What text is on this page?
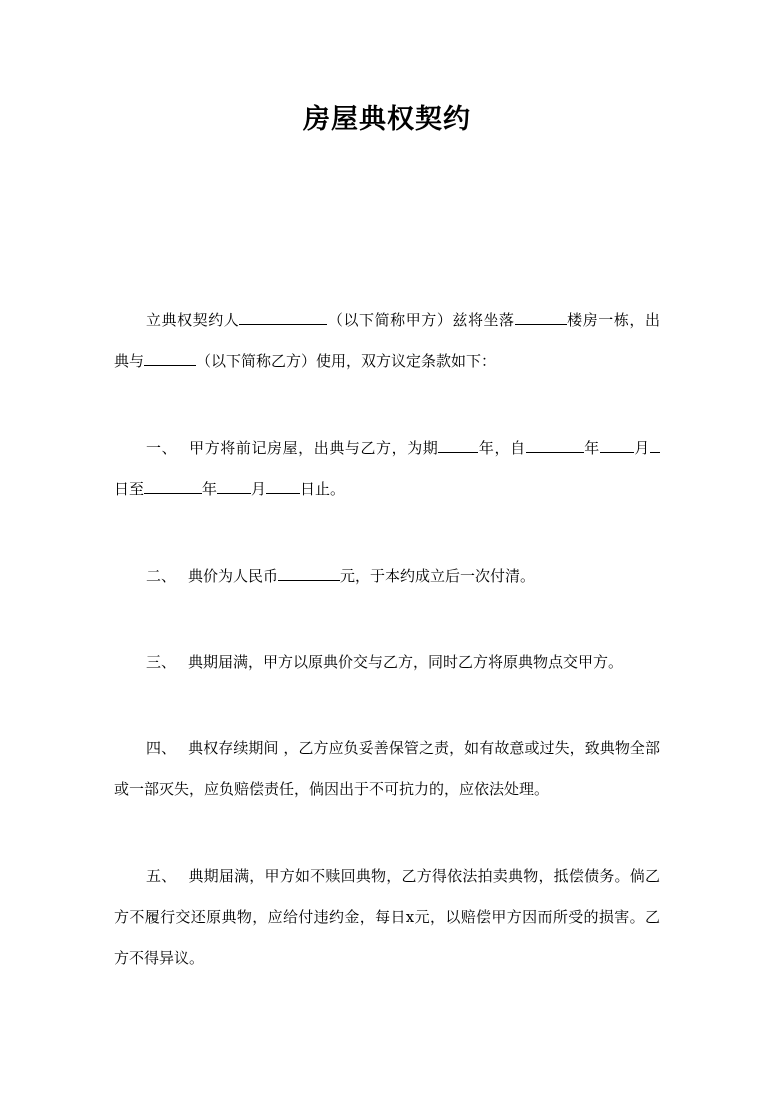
房屋典权契约

立典权契约人	（以下简称甲方）兹将坐落	楼房一栋，出典与	（以下简称乙方）使用，双方议定条款如下：

一、 甲方将前记房屋，出典与乙方，为期	年，自	年 月日至	年 月 日止。

二、 典价为人民币	元，于本约成立后一次付清。

三、 典期届满，甲方以原典价交与乙方，同时乙方将原典物点交甲方。

四、 典权存续期间 ，乙方应负妥善保管之责，如有故意或过失，致典物全部或一部灭失，应负赔偿责任，倘因出于不可抗力的，应依法处理。

五、 典期届满，甲方如不赎回典物，乙方得依法拍卖典物，抵偿债务。倘乙方不履行交还原典物，应给付违约金，每日x元，以赔偿甲方因而所受的损害。乙方不得异议。
